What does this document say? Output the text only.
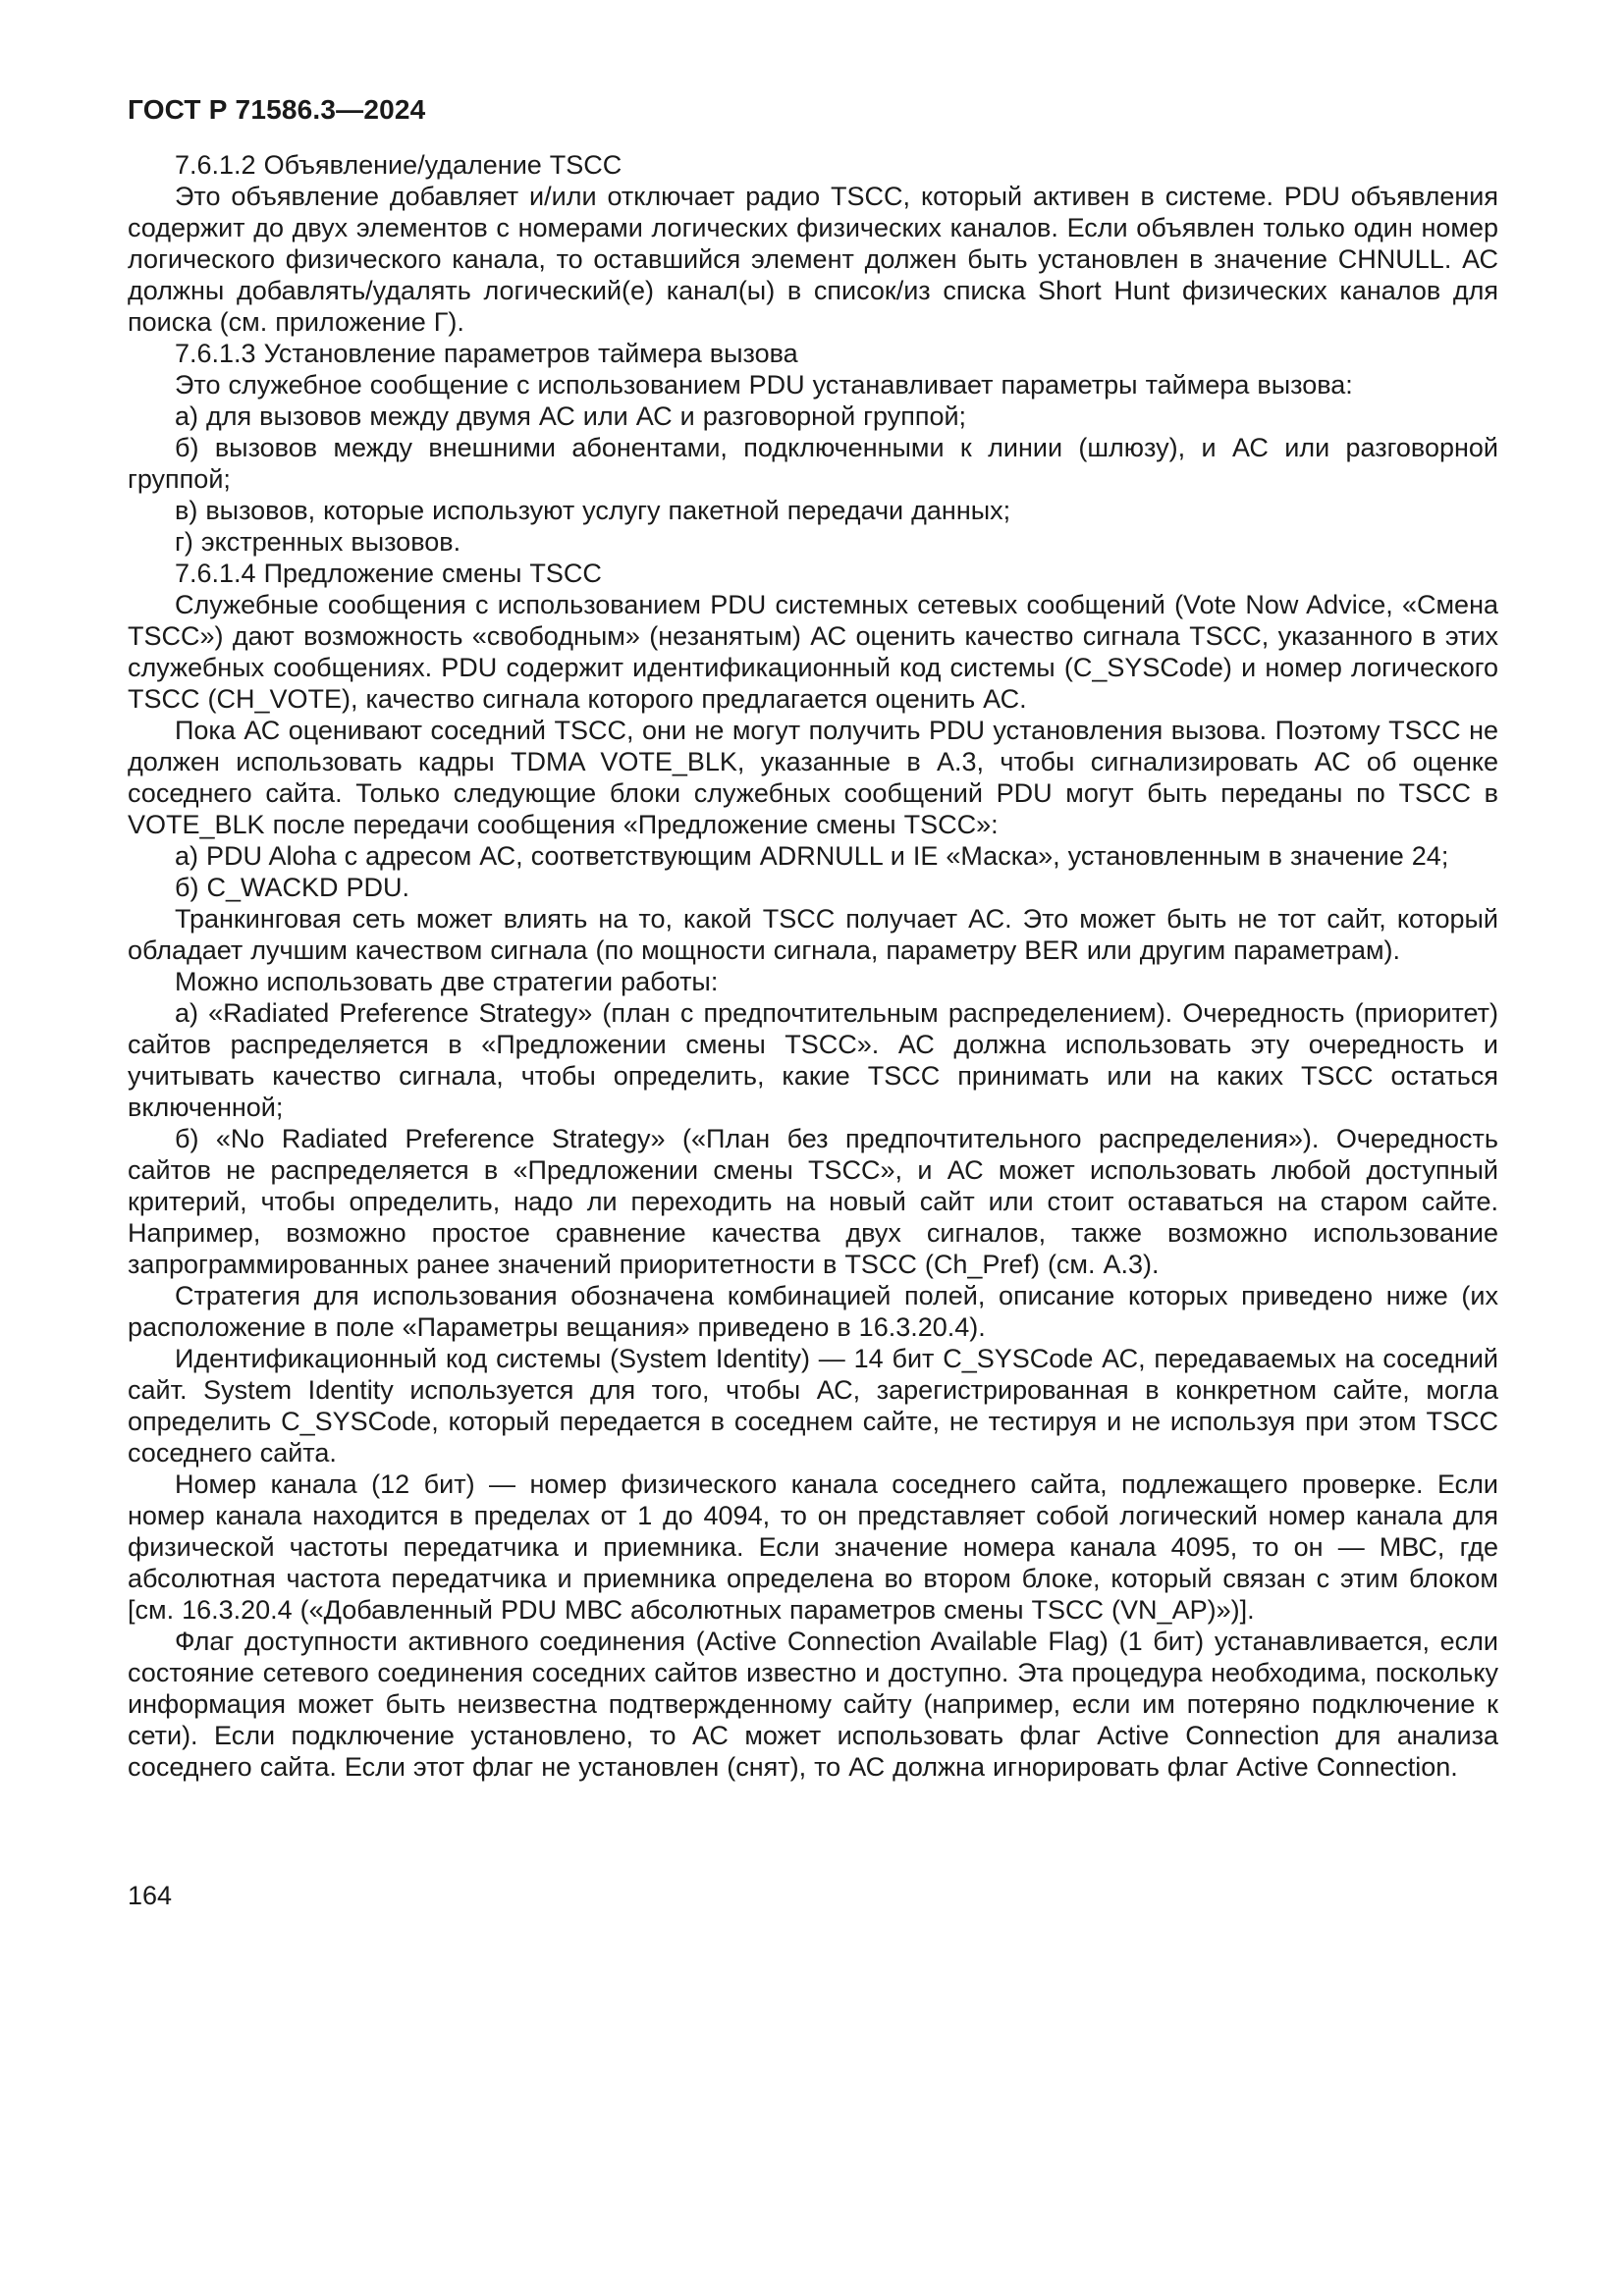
ГОСТ Р 71586.3—2024

7.6.1.2 Объявление/удаление TSCC

Это объявление добавляет и/или отключает радио TSCC, который активен в системе. PDU объявления содержит до двух элементов с номерами логических физических каналов. Если объявлен только один номер логического физического канала, то оставшийся элемент должен быть установлен в значение CHNULL. АС должны добавлять/удалять логический(е) канал(ы) в список/из списка Short Hunt физических каналов для поиска (см. приложение Г).

7.6.1.3 Установление параметров таймера вызова

Это служебное сообщение с использованием PDU устанавливает параметры таймера вызова:

а) для вызовов между двумя АС или АС и разговорной группой;

б) вызовов между внешними абонентами, подключенными к линии (шлюзу), и АС или разговорной группой;

в) вызовов, которые используют услугу пакетной передачи данных;

г) экстренных вызовов.

7.6.1.4 Предложение смены TSCC

Служебные сообщения с использованием PDU системных сетевых сообщений (Vote Now Advice, «Смена TSCC») дают возможность «свободным» (незанятым) АС оценить качество сигнала TSCC, указанного в этих служебных сообщениях. PDU содержит идентификационный код системы (C_SYSCode) и номер логического TSCC (CH_VOTE), качество сигнала которого предлагается оценить АС.

Пока АС оценивают соседний TSCC, они не могут получить PDU установления вызова. Поэтому TSCC не должен использовать кадры TDMA VOTE_BLK, указанные в А.3, чтобы сигнализировать АС об оценке соседнего сайта. Только следующие блоки служебных сообщений PDU могут быть переданы по TSCC в VOTE_BLK после передачи сообщения «Предложение смены TSCC»:

а) PDU Aloha с адресом АС, соответствующим ADRNULL и IE «Маска», установленным в значение 24;

б) C_WACKD PDU.

Транкинговая сеть может влиять на то, какой TSCC получает АС. Это может быть не тот сайт, который обладает лучшим качеством сигнала (по мощности сигнала, параметру BER или другим параметрам).

Можно использовать две стратегии работы:

а) «Radiated Preference Strategy» (план с предпочтительным распределением). Очередность (приоритет) сайтов распределяется в «Предложении смены TSCC». АС должна использовать эту очередность и учитывать качество сигнала, чтобы определить, какие TSCC принимать или на каких TSCC остаться включенной;

б) «No Radiated Preference Strategy» («План без предпочтительного распределения»). Очередность сайтов не распределяется в «Предложении смены TSCC», и АС может использовать любой доступный критерий, чтобы определить, надо ли переходить на новый сайт или стоит оставаться на старом сайте. Например, возможно простое сравнение качества двух сигналов, также возможно использование запрограммированных ранее значений приоритетности в TSCC (Ch_Pref) (см. А.3).

Стратегия для использования обозначена комбинацией полей, описание которых приведено ниже (их расположение в поле «Параметры вещания» приведено в 16.3.20.4).

Идентификационный код системы (System Identity) — 14 бит C_SYSCode АС, передаваемых на соседний сайт. System Identity используется для того, чтобы АС, зарегистрированная в конкретном сайте, могла определить C_SYSCode, который передается в соседнем сайте, не тестируя и не используя при этом TSCC соседнего сайта.

Номер канала (12 бит) — номер физического канала соседнего сайта, подлежащего проверке. Если номер канала находится в пределах от 1 до 4094, то он представляет собой логический номер канала для физической частоты передатчика и приемника. Если значение номера канала 4095, то он — МВС, где абсолютная частота передатчика и приемника определена во втором блоке, который связан с этим блоком [см. 16.3.20.4 («Добавленный PDU МВС абсолютных параметров смены TSCC (VN_AP)»)].

Флаг доступности активного соединения (Active Connection Available Flag) (1 бит) устанавливается, если состояние сетевого соединения соседних сайтов известно и доступно. Эта процедура необходима, поскольку информация может быть неизвестна подтвержденному сайту (например, если им потеряно подключение к сети). Если подключение установлено, то АС может использовать флаг Active Connection для анализа соседнего сайта. Если этот флаг не установлен (снят), то АС должна игнорировать флаг Active Connection.

164
